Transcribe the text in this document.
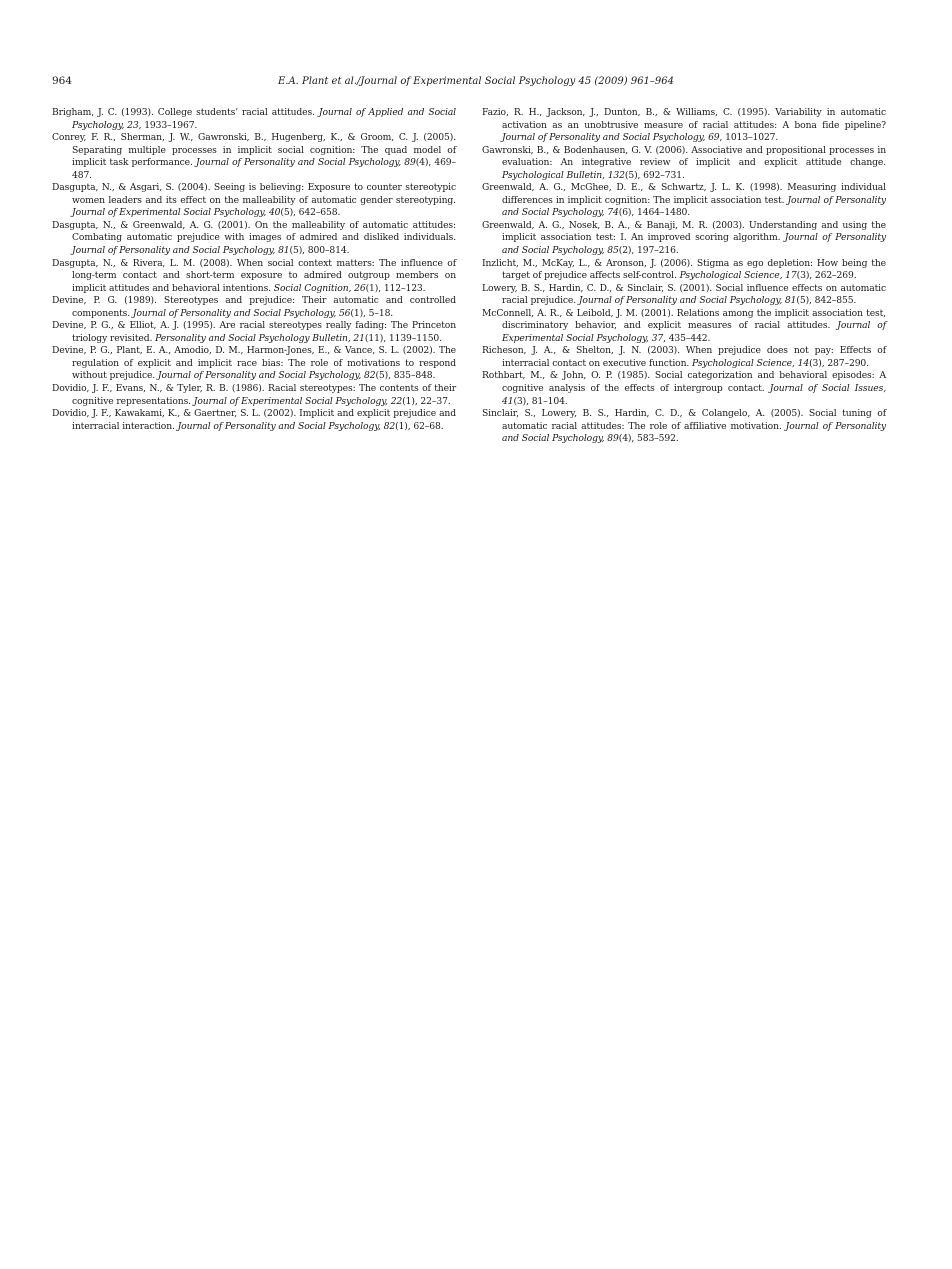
964	E.A. Plant et al./Journal of Experimental Social Psychology 45 (2009) 961–964

Brigham, J. C. (1993). College students’ racial attitudes. Journal of Applied and Social Psychology, 23, 1933–1967.

Conrey, F. R., Sherman, J. W., Gawronski, B., Hugenberg, K., & Groom, C. J. (2005). Separating multiple processes in implicit social cognition: The quad model of implicit task performance. Journal of Personality and Social Psychology, 89(4), 469–487.

Dasgupta, N., & Asgari, S. (2004). Seeing is believing: Exposure to counter stereotypic women leaders and its effect on the malleability of automatic gender stereotyping. Journal of Experimental Social Psychology, 40(5), 642–658.

Dasgupta, N., & Greenwald, A. G. (2001). On the malleability of automatic attitudes: Combating automatic prejudice with images of admired and disliked individuals. Journal of Personality and Social Psychology, 81(5), 800–814.

Dasgupta, N., & Rivera, L. M. (2008). When social context matters: The influence of long-term contact and short-term exposure to admired outgroup members on implicit attitudes and behavioral intentions. Social Cognition, 26(1), 112–123.

Devine, P. G. (1989). Stereotypes and prejudice: Their automatic and controlled components. Journal of Personality and Social Psychology, 56(1), 5–18.

Devine, P. G., & Elliot, A. J. (1995). Are racial stereotypes really fading: The Princeton triology revisited. Personality and Social Psychology Bulletin, 21(11), 1139–1150.

Devine, P. G., Plant, E. A., Amodio, D. M., Harmon-Jones, E., & Vance, S. L. (2002). The regulation of explicit and implicit race bias: The role of motivations to respond without prejudice. Journal of Personality and Social Psychology, 82(5), 835–848.

Dovidio, J. F., Evans, N., & Tyler, R. B. (1986). Racial stereotypes: The contents of their cognitive representations. Journal of Experimental Social Psychology, 22(1), 22–37.

Dovidio, J. F., Kawakami, K., & Gaertner, S. L. (2002). Implicit and explicit prejudice and interracial interaction. Journal of Personality and Social Psychology, 82(1), 62–68.

Fazio, R. H., Jackson, J., Dunton, B., & Williams, C. (1995). Variability in automatic activation as an unobtrusive measure of racial attitudes: A bona fide pipeline? Journal of Personality and Social Psychology, 69, 1013–1027.

Gawronski, B., & Bodenhausen, G. V. (2006). Associative and propositional processes in evaluation: An integrative review of implicit and explicit attitude change. Psychological Bulletin, 132(5), 692–731.

Greenwald, A. G., McGhee, D. E., & Schwartz, J. L. K. (1998). Measuring individual differences in implicit cognition: The implicit association test. Journal of Personality and Social Psychology, 74(6), 1464–1480.

Greenwald, A. G., Nosek, B. A., & Banaji, M. R. (2003). Understanding and using the implicit association test: I. An improved scoring algorithm. Journal of Personality and Social Psychology, 85(2), 197–216.

Inzlicht, M., McKay, L., & Aronson, J. (2006). Stigma as ego depletion: How being the target of prejudice affects self-control. Psychological Science, 17(3), 262–269.

Lowery, B. S., Hardin, C. D., & Sinclair, S. (2001). Social influence effects on automatic racial prejudice. Journal of Personality and Social Psychology, 81(5), 842–855.

McConnell, A. R., & Leibold, J. M. (2001). Relations among the implicit association test, discriminatory behavior, and explicit measures of racial attitudes. Journal of Experimental Social Psychology, 37, 435–442.

Richeson, J. A., & Shelton, J. N. (2003). When prejudice does not pay: Effects of interracial contact on executive function. Psychological Science, 14(3), 287–290.

Rothbart, M., & John, O. P. (1985). Social categorization and behavioral episodes: A cognitive analysis of the effects of intergroup contact. Journal of Social Issues, 41(3), 81–104.

Sinclair, S., Lowery, B. S., Hardin, C. D., & Colangelo, A. (2005). Social tuning of automatic racial attitudes: The role of affiliative motivation. Journal of Personality and Social Psychology, 89(4), 583–592.
